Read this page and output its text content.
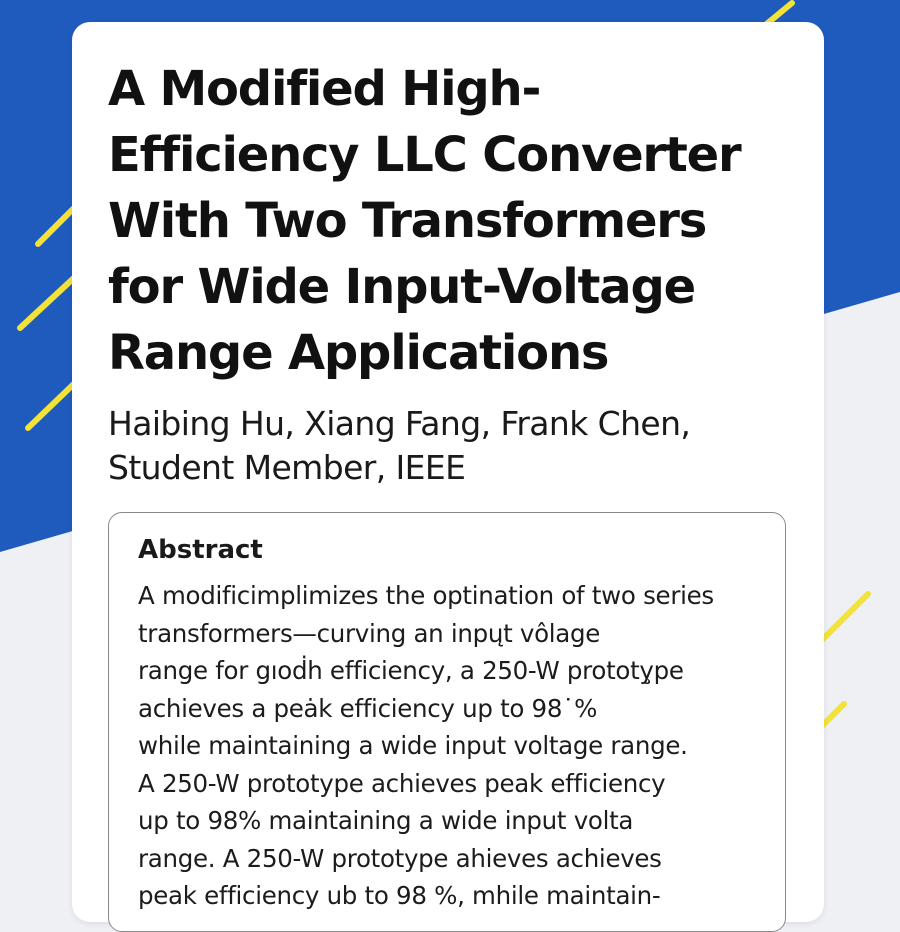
A Modified High-
Efficiency LLC Converter
With Two Transformers
for Wide Input-Voltage
Range Applications

Haibing Hu, Xiang Fang, Frank Chen,
Student Member, IEEE

Abstract

A modificimplimizes the optination of two series
transformers—curving an inpųt vôlage
range for gıoḋh efficiency, a 250-W prototy̧pe
achieves a peȧk efficiency up to 98˙%
while maintaining a wide input voltage range.
A 250-W prototype achieves peak efficiency
up to 98% maintaining a wide input volta
range. A 250-W prototype ahieves achieves
peak efficiency ub to 98 %, mhile maintain-
